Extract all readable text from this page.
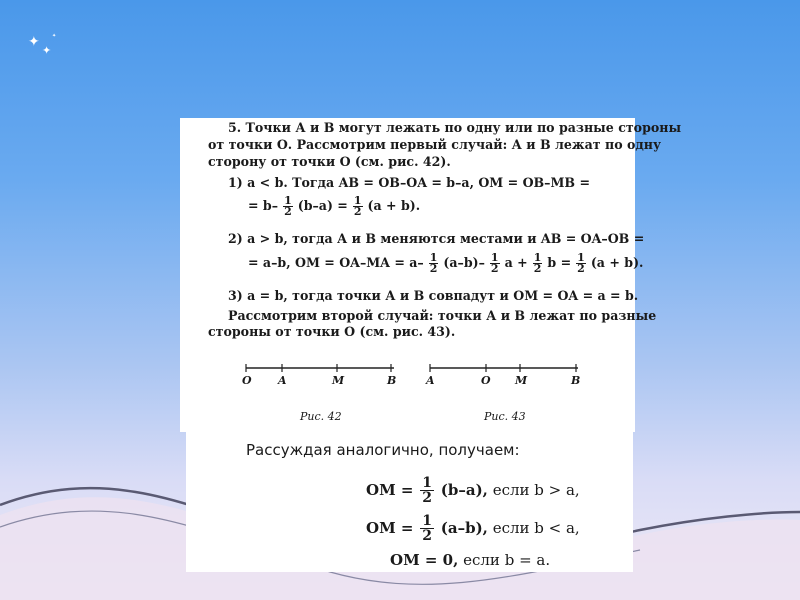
✦
✦
✦
5. Точки А и В могут лежать по одну или по разные стороны
от точки О. Рассмотрим первый случай: А и В лежат по одну
сторону от точки О (см. рис. 42).
1) a < b. Тогда AB = OB–OA = b–a, OM = OB–MB =
= $b- \frac{1}{2} (b-a) = \frac{1}{2} (a + b)$.
2) a > b, тогда А и В меняются местами и AB = OA–OB =
= a–b, OM = $OA-MA = a- \frac{1}{2} (a-b)- \frac{1}{2}$ $a + \frac{1}{2}$ $b = \frac{1}{2} (a + b)$.
3) a = b, тогда точки А и В совпадут и OM = OA = a = b.
Рассмотрим второй случай: точки А и В лежат по разные
стороны от точки О (см. рис. 43).
O A	M	B	A	O M	B
Рис. 42	Рис. 43
Рассуждая аналогично, получаем:
OM = $\frac{1}{2} (b-a)$, если b > a,
OM = $\frac{1}{2} (a-b)$, если b < a,
OM = 0, если b = a.
